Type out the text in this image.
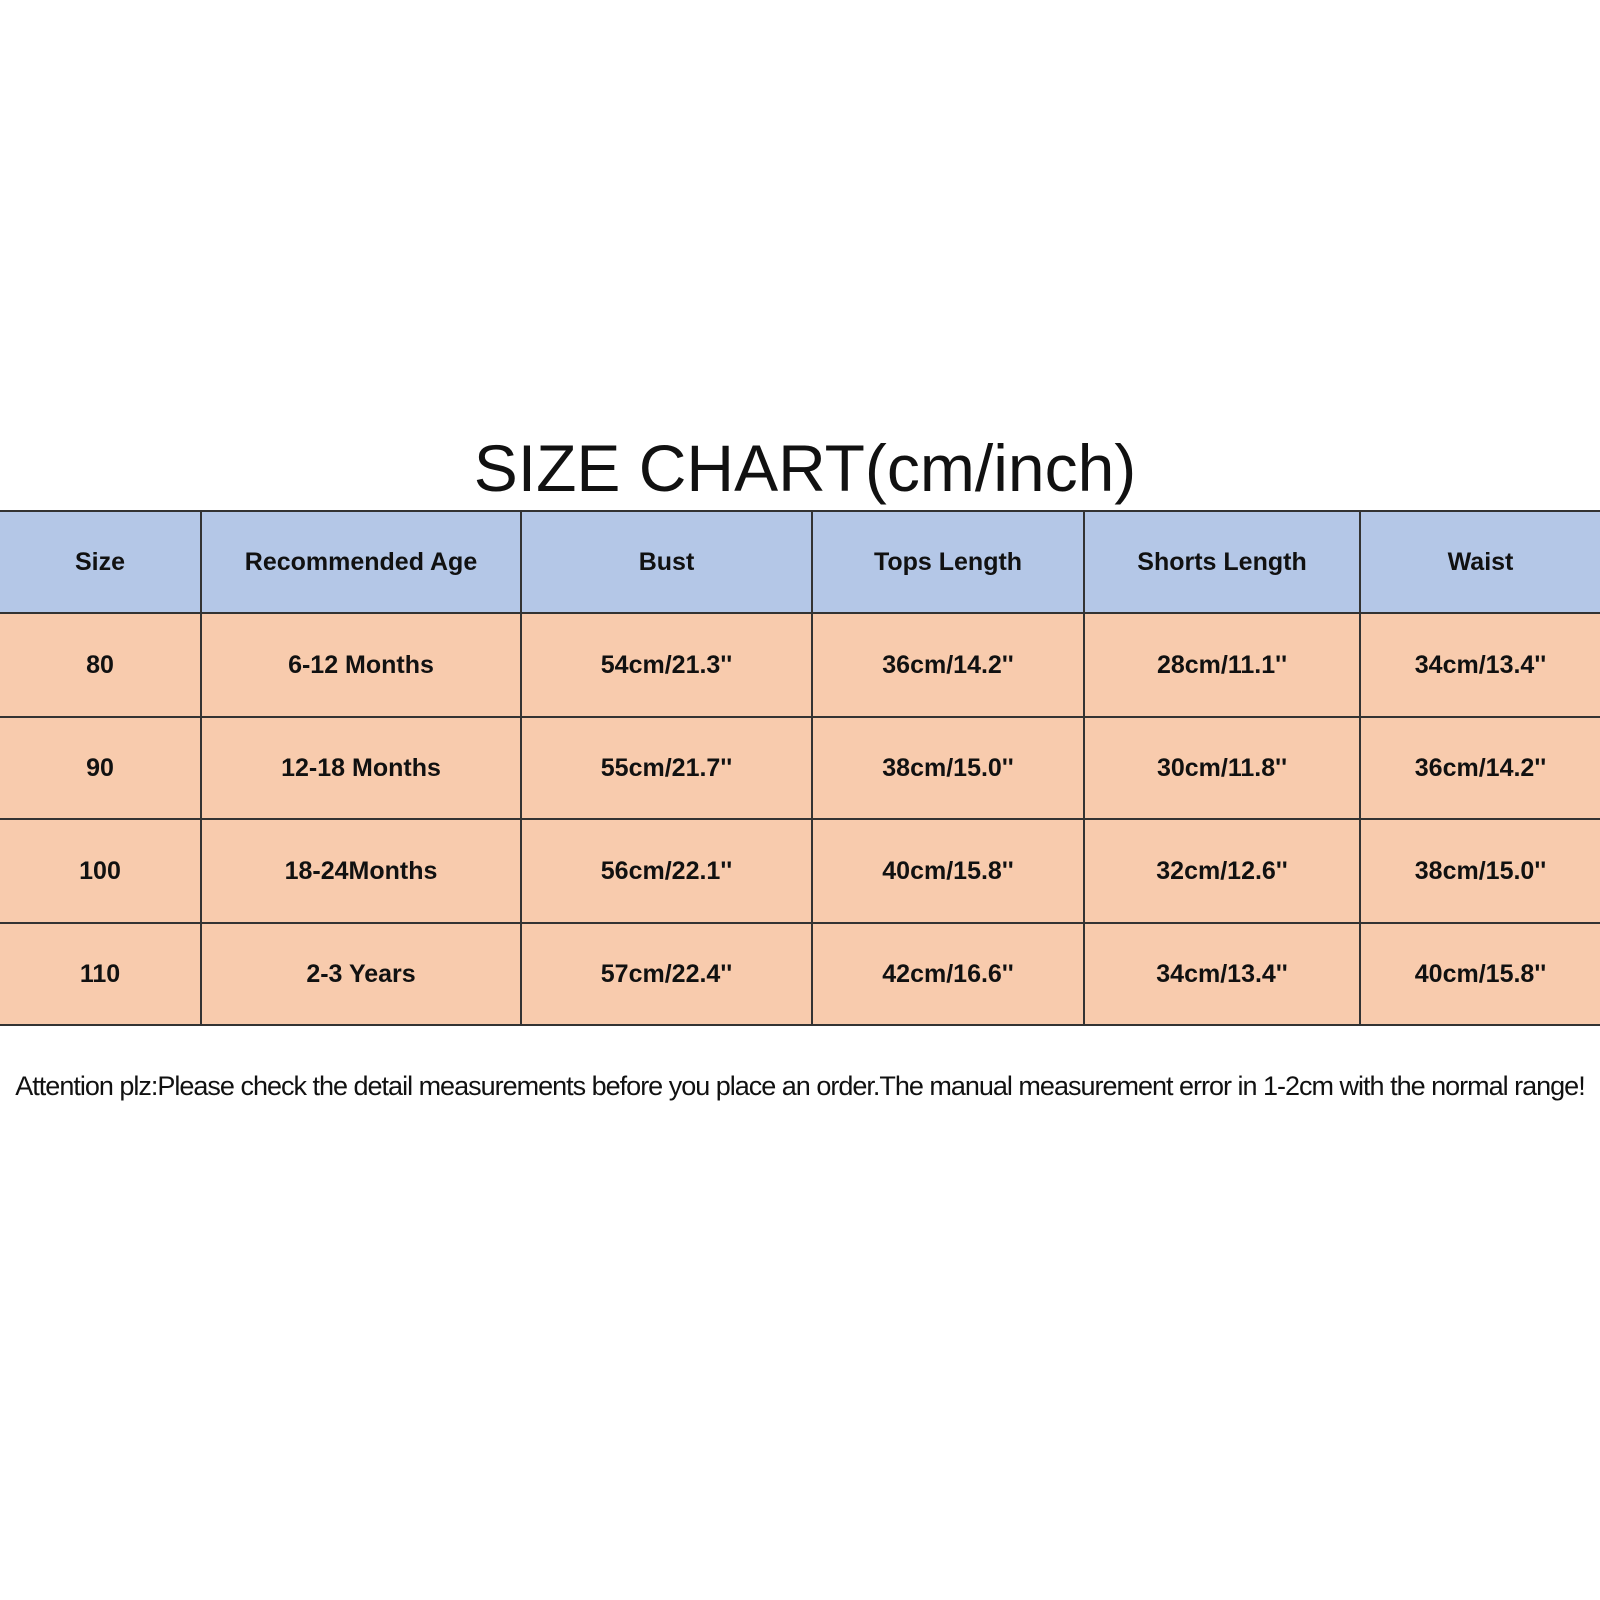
SIZE CHART(cm/inch)
Size	Recommended Age	Bust	Tops Length	Shorts Length	Waist
80	6-12 Months	54cm/21.3''	36cm/14.2''	28cm/11.1''	34cm/13.4''
90	12-18 Months	55cm/21.7''	38cm/15.0''	30cm/11.8''	36cm/14.2''
100	18-24Months	56cm/22.1''	40cm/15.8''	32cm/12.6''	38cm/15.0''
110	2-3 Years	57cm/22.4''	42cm/16.6''	34cm/13.4''	40cm/15.8''
Attention plz:Please check the detail measurements before you place an order.The manual measurement error in 1-2cm with the normal range!
